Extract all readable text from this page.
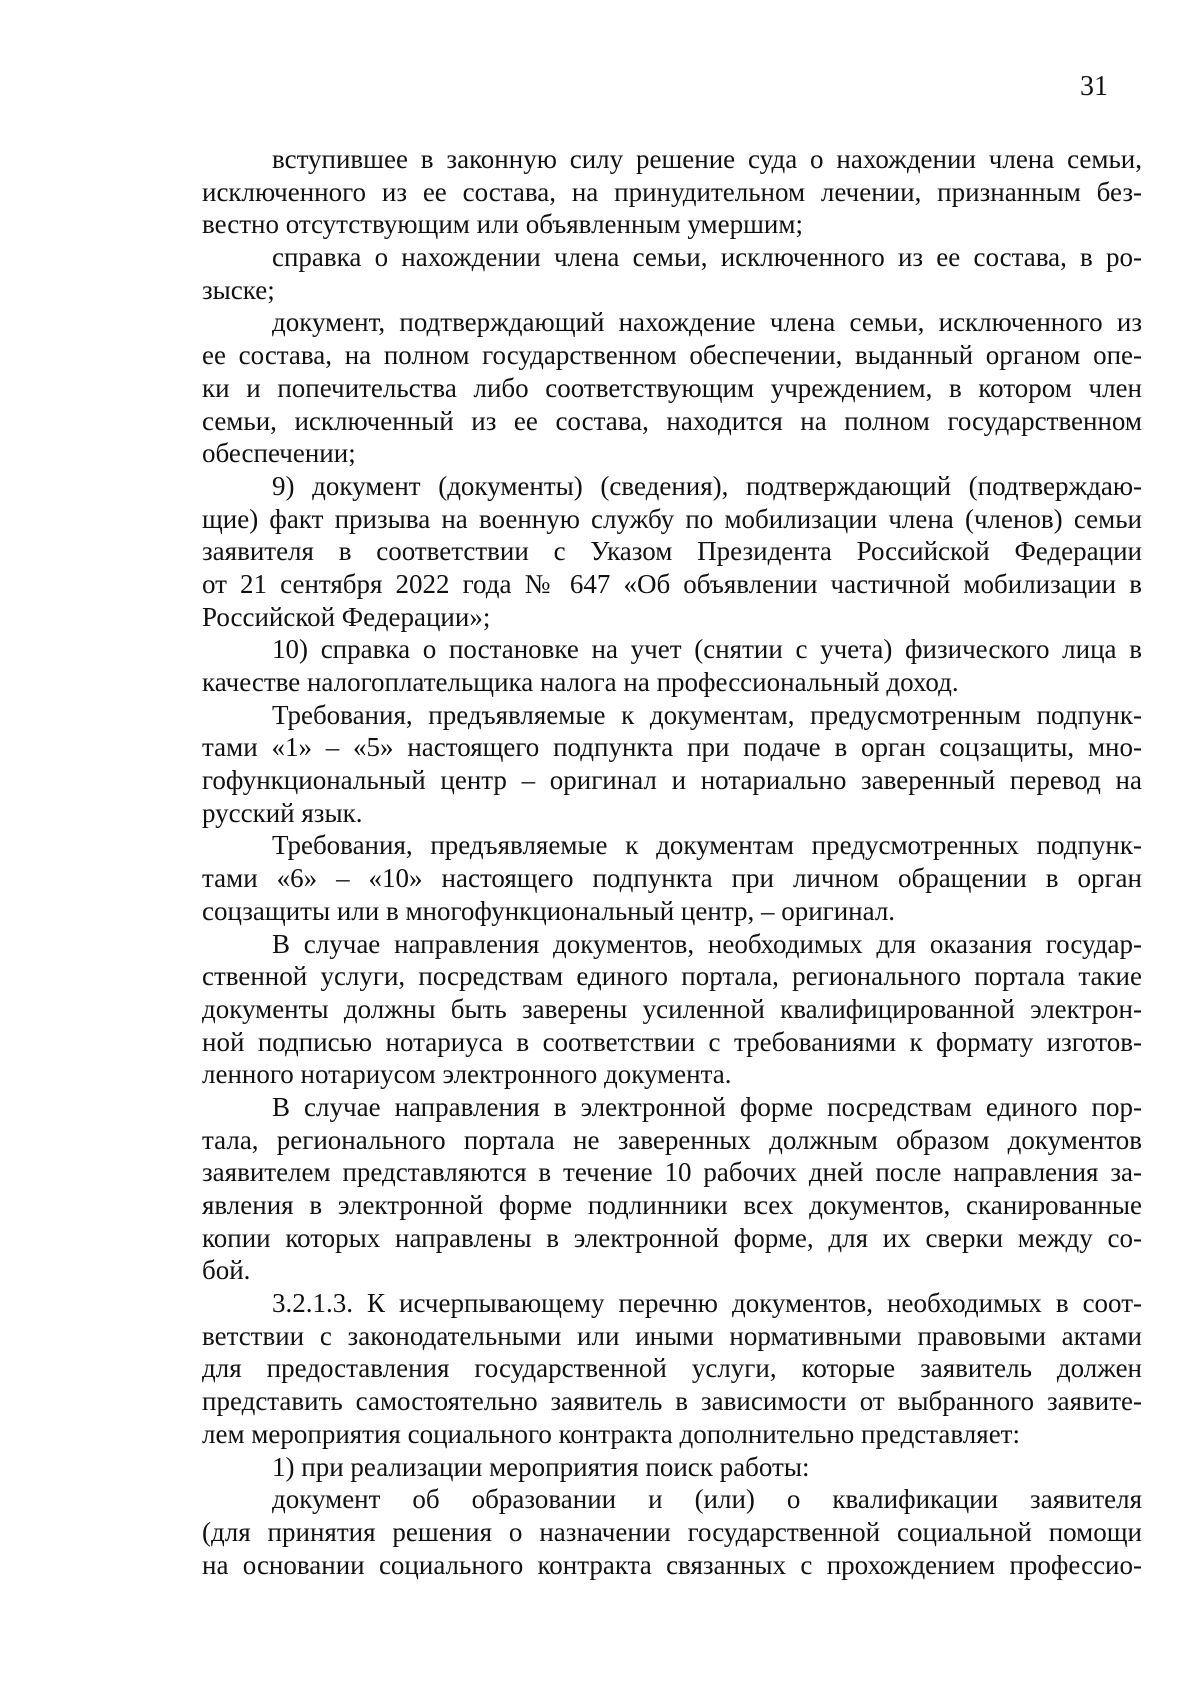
31
вступившее в законную силу решение суда о нахождении члена семьи,
исключенного из ее состава, на принудительном лечении, признанным без-
вестно отсутствующим или объявленным умершим;
справка о нахождении члена семьи, исключенного из ее состава, в ро-
зыске;
документ, подтверждающий нахождение члена семьи, исключенного из
ее состава, на полном государственном обеспечении, выданный органом опе-
ки и попечительства либо соответствующим учреждением, в котором член
семьи, исключенный из ее состава, находится на полном государственном
обеспечении;
9) документ (документы) (сведения), подтверждающий (подтверждаю-
щие) факт призыва на военную службу по мобилизации члена (членов) семьи
заявителя в соответствии с Указом Президента Российской Федерации
от 21 сентября 2022 года № 647 «Об объявлении частичной мобилизации в
Российской Федерации»;
10) справка о постановке на учет (снятии с учета) физического лица в
качестве налогоплательщика налога на профессиональный доход.
Требования, предъявляемые к документам, предусмотренным подпунк-
тами «1» – «5» настоящего подпункта при подаче в орган соцзащиты, мно-
гофункциональный центр – оригинал и нотариально заверенный перевод на
русский язык.
Требования, предъявляемые к документам предусмотренных подпунк-
тами «6» – «10» настоящего подпункта при личном обращении в орган
соцзащиты или в многофункциональный центр, – оригинал.
В случае направления документов, необходимых для оказания государ-
ственной услуги, посредствам единого портала, регионального портала такие
документы должны быть заверены усиленной квалифицированной электрон-
ной подписью нотариуса в соответствии с требованиями к формату изготов-
ленного нотариусом электронного документа.
В случае направления в электронной форме посредствам единого пор-
тала, регионального портала не заверенных должным образом документов
заявителем представляются в течение 10 рабочих дней после направления за-
явления в электронной форме подлинники всех документов, сканированные
копии которых направлены в электронной форме, для их сверки между со-
бой.
3.2.1.3. К исчерпывающему перечню документов, необходимых в соот-
ветствии с законодательными или иными нормативными правовыми актами
для предоставления государственной услуги, которые заявитель должен
представить самостоятельно заявитель в зависимости от выбранного заявите-
лем мероприятия социального контракта дополнительно представляет:
1) при реализации мероприятия поиск работы:
документ об образовании и (или) о квалификации заявителя
(для принятия решения о назначении государственной социальной помощи
на основании социального контракта связанных с прохождением профессио-
